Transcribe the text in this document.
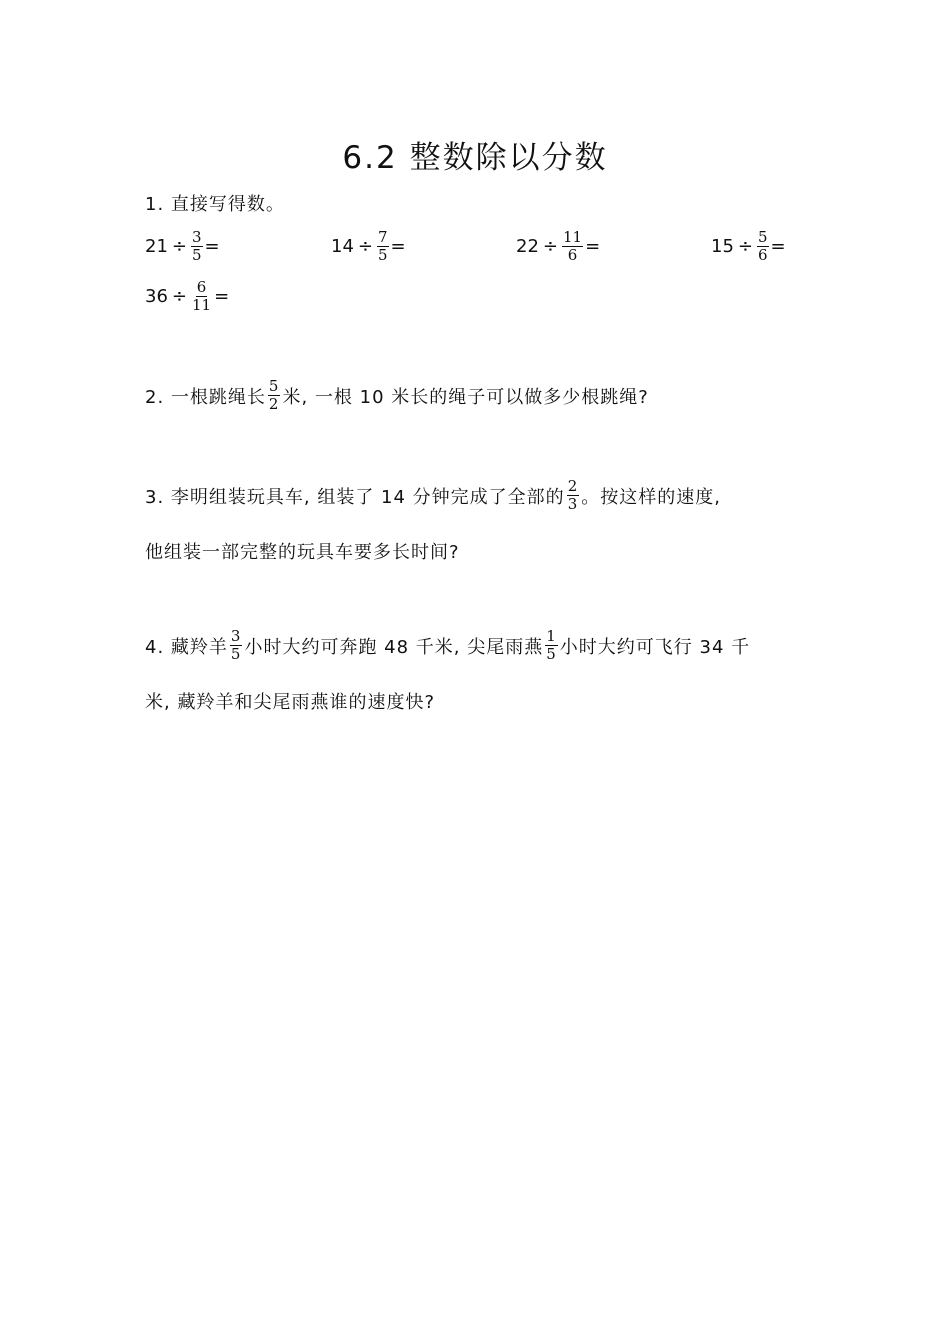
6.2 整数除以分数
1. 直接写得数。
$21 \div \frac{3}{5}$ =	$14 \div \frac{7}{5}$ =	$22 \div \frac{11}{6}$ =	$15 \div \frac{5}{6}$ =
$36 \div \frac{6}{11}$ =
2. 一根跳绳长 $\frac{5}{2}$ 米, 一根 10 米长的绳子可以做多少根跳绳?
3. 李明组装玩具车, 组装了 14 分钟完成了全部的 $\frac{2}{3}$ 。按这样的速度,
他组装一部完整的玩具车要多长时间?
4. 藏羚羊 $\frac{3}{5}$ 小时大约可奔跑 48 千米, 尖尾雨燕 $\frac{1}{5}$ 小时大约可飞行 34 千
米, 藏羚羊和尖尾雨燕谁的速度快?
